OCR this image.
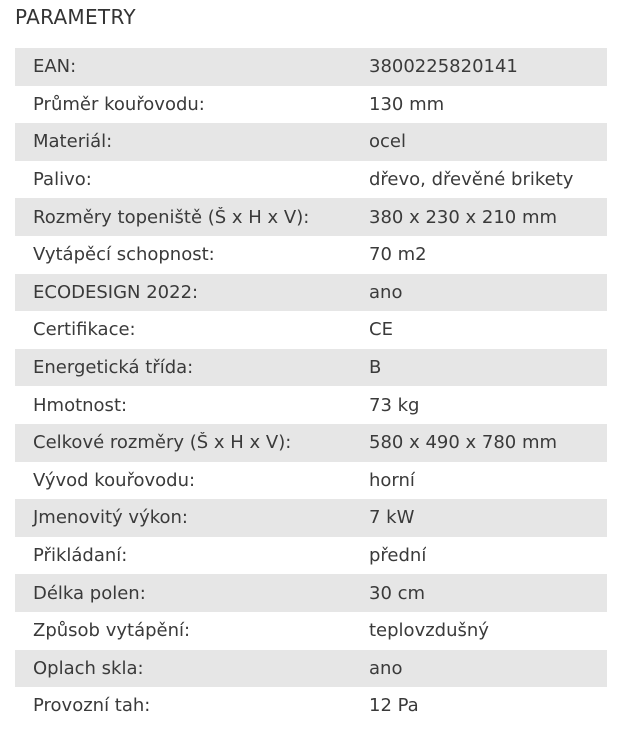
PARAMETRY
EAN:	3800225820141
Průměr kouřovodu:	130 mm
Materiál:	ocel
Palivo:	dřevo, dřevěné brikety
Rozměry topeniště (Š x H x V):	380 x 230 x 210 mm
Vytápěcí schopnost:	70 m2
ECODESIGN 2022:	ano
Certifikace:	CE
Energetická třída:	B
Hmotnost:	73 kg
Celkové rozměry (Š x H x V):	580 x 490 x 780 mm
Vývod kouřovodu:	horní
Jmenovitý výkon:	7 kW
Přikládaní:	přední
Délka polen:	30 cm
Způsob vytápění:	teplovzdušný
Oplach skla:	ano
Provozní tah:	12 Pa
